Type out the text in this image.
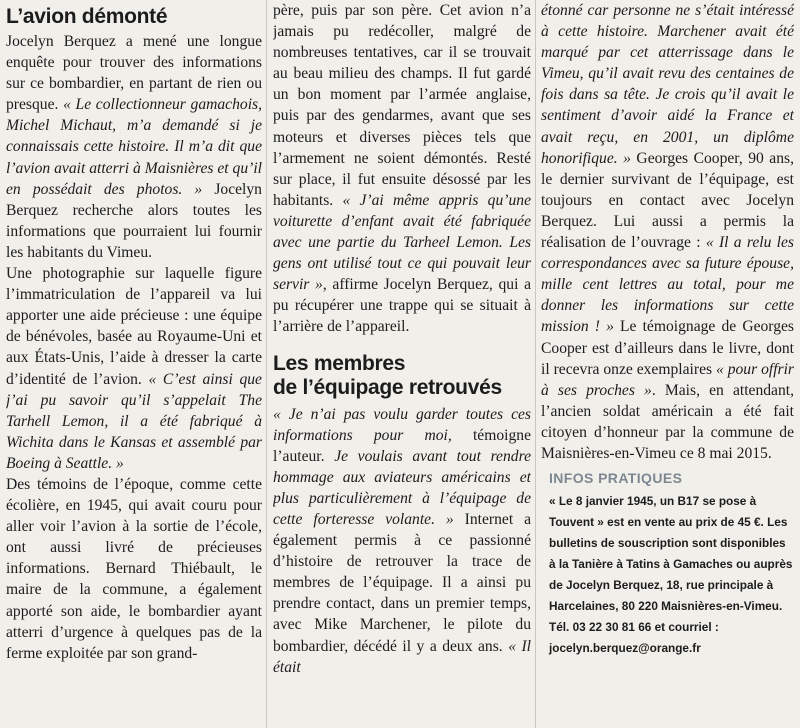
L’avion démonté

Jocelyn Berquez a mené une longue enquête pour trouver des informations sur ce bombardier, en partant de rien ou presque. « Le collectionneur gamachois, Michel Michaut, m’a demandé si je connaissais cette histoire. Il m’a dit que l’avion avait atterri à Maisnières et qu’il en possédait des photos. » Jocelyn Berquez recherche alors toutes les informations que pourraient lui fournir les habitants du Vimeu.

Une photographie sur laquelle figure l’immatriculation de l’appareil va lui apporter une aide précieuse : une équipe de bénévoles, basée au Royaume-Uni et aux États-Unis, l’aide à dresser la carte d’identité de l’avion. « C’est ainsi que j’ai pu savoir qu’il s’appelait The Tarhell Lemon, il a été fabriqué à Wichita dans le Kansas et assemblé par Boeing à Seattle. »

Des témoins de l’époque, comme cette écolière, en 1945, qui avait couru pour aller voir l’avion à la sortie de l’école, ont aussi livré de précieuses informations. Bernard Thiébault, le maire de la commune, a également apporté son aide, le bombardier ayant atterri d’urgence à quelques pas de la ferme exploitée par son grand-

père, puis par son père. Cet avion n’a jamais pu redécoller, malgré de nombreuses tentatives, car il se trouvait au beau milieu des champs. Il fut gardé un bon moment par l’armée anglaise, puis par des gendarmes, avant que ses moteurs et diverses pièces tels que l’armement ne soient démontés. Resté sur place, il fut ensuite désossé par les habitants. « J’ai même appris qu’une voiturette d’enfant avait été fabriquée avec une partie du Tarheel Lemon. Les gens ont utilisé tout ce qui pouvait leur servir », affirme Jocelyn Berquez, qui a pu récupérer une trappe qui se situait à l’arrière de l’appareil.

Les membres
de l’équipage retrouvés

« Je n’ai pas voulu garder toutes ces informations pour moi, témoigne l’auteur. Je voulais avant tout rendre hommage aux aviateurs américains et plus particulièrement à l’équipage de cette forteresse volante. » Internet a également permis à ce passionné d’histoire de retrouver la trace de membres de l’équipage. Il a ainsi pu prendre contact, dans un premier temps, avec Mike Marchener, le pilote du bombardier, décédé il y a deux ans. « Il était

étonné car personne ne s’était intéressé à cette histoire. Marchener avait été marqué par cet atterrissage dans le Vimeu, qu’il avait revu des centaines de fois dans sa tête. Je crois qu’il avait le sentiment d’avoir aidé la France et avait reçu, en 2001, un diplôme honorifique. » Georges Cooper, 90 ans, le dernier survivant de l’équipage, est toujours en contact avec Jocelyn Berquez. Lui aussi a permis la réalisation de l’ouvrage : « Il a relu les correspondances avec sa future épouse, mille cent lettres au total, pour me donner les informations sur cette mission ! » Le témoignage de Georges Cooper est d’ailleurs dans le livre, dont il recevra onze exemplaires « pour offrir à ses proches ». Mais, en attendant, l’ancien soldat américain a été fait citoyen d’honneur par la commune de Maisnières-en-Vimeu ce 8 mai 2015.

INFOS PRATIQUES
« Le 8 janvier 1945, un B17 se pose à Touvent » est en vente au prix de 45 €. Les bulletins de souscription sont disponibles à la Tanière à Tatins à Gamaches ou auprès de Jocelyn Berquez, 18, rue principale à Harcelaines, 80 220 Maisnières-en-Vimeu. Tél. 03 22 30 81 66 et courriel : jocelyn.berquez@orange.fr
